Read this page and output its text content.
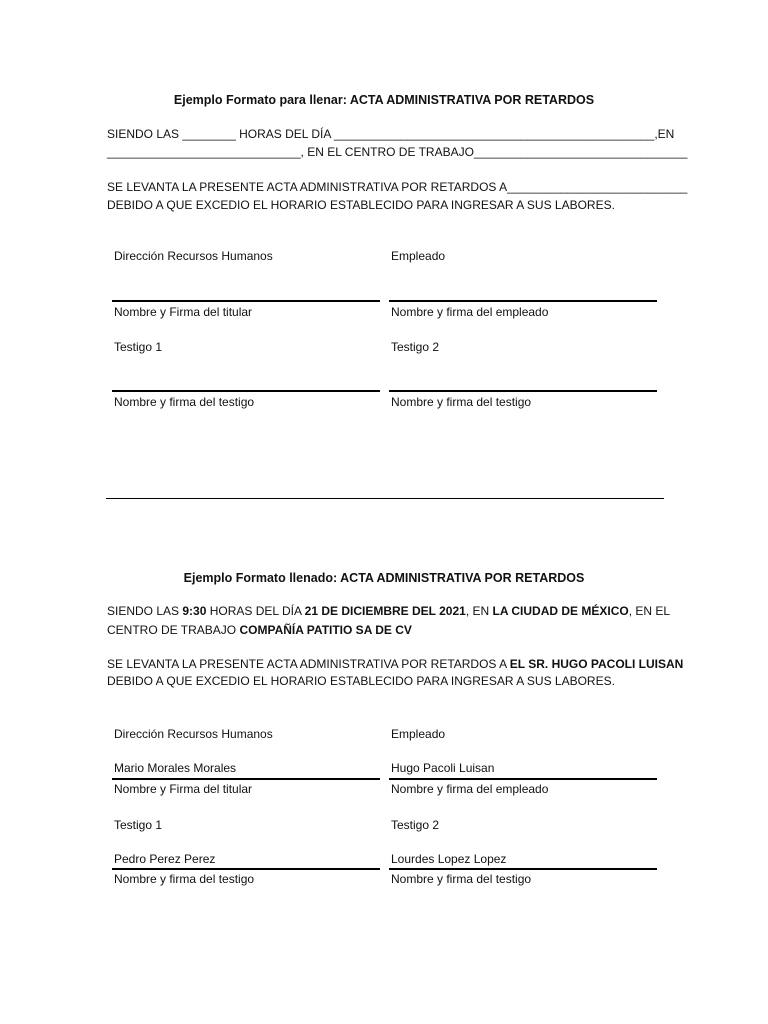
Ejemplo Formato para llenar: ACTA ADMINISTRATIVA POR RETARDOS
SIENDO LAS ________ HORAS DEL DÍA ________________________________________________,EN
_____________________________, EN EL CENTRO DE TRABAJO________________________________
SE LEVANTA LA PRESENTE ACTA ADMINISTRATIVA POR RETARDOS A___________________________
DEBIDO A QUE EXCEDIO EL HORARIO ESTABLECIDO PARA INGRESAR A SUS LABORES.
Dirección Recursos Humanos	Empleado
Nombre y Firma del titular	Nombre y firma del empleado
Testigo 1	Testigo 2
Nombre y firma del testigo	Nombre y firma del testigo
Ejemplo Formato llenado: ACTA ADMINISTRATIVA POR RETARDOS
SIENDO LAS 9:30 HORAS DEL DÍA 21 DE DICIEMBRE DEL 2021, EN LA CIUDAD DE MÉXICO, EN EL
CENTRO DE TRABAJO COMPAÑÍA PATITIO SA DE CV
SE LEVANTA LA PRESENTE ACTA ADMINISTRATIVA POR RETARDOS A EL SR. HUGO PACOLI LUISAN
DEBIDO A QUE EXCEDIO EL HORARIO ESTABLECIDO PARA INGRESAR A SUS LABORES.
Dirección Recursos Humanos	Empleado
Mario Morales Morales	Hugo Pacoli Luisan
Nombre y Firma del titular	Nombre y firma del empleado
Testigo 1	Testigo 2
Pedro Perez Perez	Lourdes Lopez Lopez
Nombre y firma del testigo	Nombre y firma del testigo
